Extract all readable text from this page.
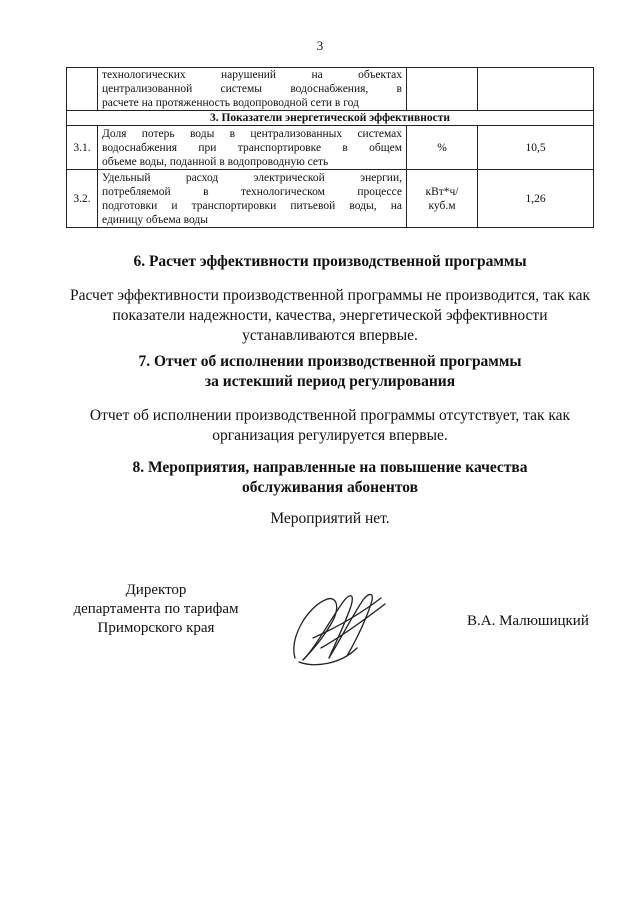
3

	технологических нарушений на объектах
централизованной системы водоснабжения, в
расчете на протяженность водопроводной сети в год		
3. Показатели энергетической эффективности			
3.1.	Доля потерь воды в централизованных системах
водоснабжения при транспортировке в общем
объеме воды, поданной в водопроводную сеть	%	10,5
3.2.	Удельный расход электрической энергии,
потребляемой в технологическом процессе
подготовки и транспортировки питьевой воды, на
единицу объема воды	кВт*ч/
куб.м	1,26
6. Расчет эффективности производственной программы
Расчет эффективности производственной программы не производится, так как
показатели надежности, качества, энергетической эффективности
устанавливаются впервые.
7. Отчет об исполнении производственной программы
за истекший период регулирования
Отчет об исполнении производственной программы отсутствует, так как
организация регулируется впервые.
8. Мероприятия, направленные на повышение качества
обслуживания абонентов
Мероприятий нет.
Директор
департамента по тарифам
Приморского края	В.А. Малюшицкий
